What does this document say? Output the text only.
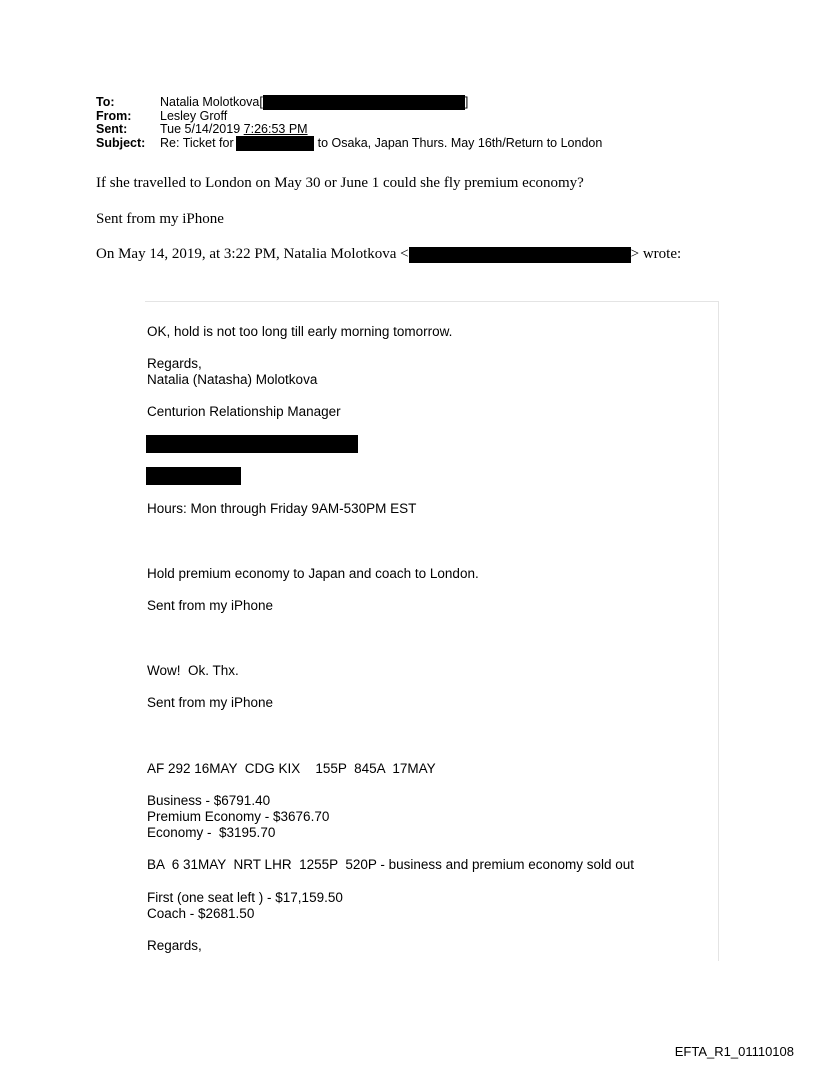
To:	Natalia Molotkova[	]
From:	Lesley Groff
Sent:	Tue 5/14/2019 7:26:53 PM
Subject:	Re: Ticket for	to Osaka, Japan Thurs. May 16th/Return to London
If she travelled to London on May 30 or June 1 could she fly premium economy?
Sent from my iPhone
On May 14, 2019, at 3:22 PM, Natalia Molotkova <	> wrote:
OK, hold is not too long till early morning tomorrow.
Regards,
Natalia (Natasha) Molotkova
Centurion Relationship Manager
Hours: Mon through Friday 9AM-530PM EST
Hold premium economy to Japan and coach to London.
Sent from my iPhone
Wow!  Ok. Thx.
Sent from my iPhone
AF 292 16MAY  CDG KIX    155P  845A  17MAY
Business - $6791.40
Premium Economy - $3676.70
Economy -  $3195.70
BA  6 31MAY  NRT LHR  1255P  520P - business and premium economy sold out
First (one seat left ) - $17,159.50
Coach - $2681.50
Regards,
EFTA_R1_01110108
